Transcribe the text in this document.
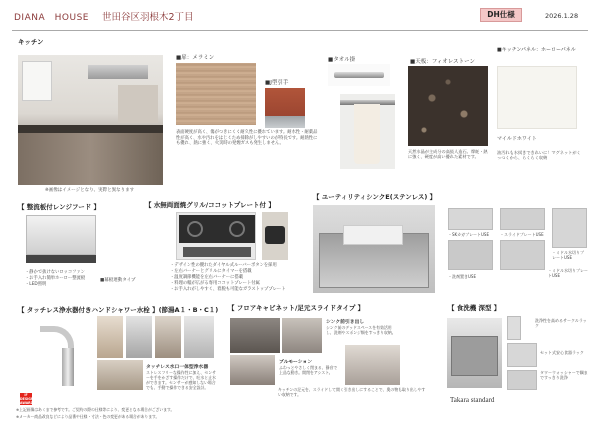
DIANA　HOUSE 世田谷区羽根木2丁目	DH仕様	2026.1.28
キッチン
※画像はイメージとなり、実際と異なります
■扉：メラミン
表面硬度が高く、傷がつきにくく耐久性に優れています。耐水性・耐薬品性が高く、水や汚れをはじくため掃除がしやすいのが特長です。耐熱性にも優れ、熱に強く、火災時の発煙ガスも発生しません。
■J型引手
■タオル掛	■天板：フィオレストーン
天然水晶が主成分の高級人造石。摩耗・熱に強く、硬度が高い優れた素材です。
■キッチンパネル：ホーローパネル
マイルドホワイト
油汚れも水拭きできれいに！マグネットがくっつくから、らくらく収納
【 整流板付レンジフード 】
・静かで抜けないロッコファン
・お手入れ簡単ホーロー整流板
・LED照明
■幕板連動タイプ
【 水無両面焼グリル/ココットプレート付 】
・デザイン性の優れたダイヤル式ルーバーボタンを採用
・左右バーナーとグリルにタイマーを搭載
・温度調節機能を左右バーナーに搭載
・料理の幅が広がる専用ココットプレート付属
・お手入れがしやすく、着脱も可能なガラストッププレート
【 ユーティリティシンクE(ステンレス) 】
・SKカガプレートUSE	・スライドプレートUSE
・ミドル水切りプレートUSE
・洗剤置きUSE
・ミドル水切りプレートUSE
【 タッチレス浄水器付きハンドシャワー水栓 】(節湯A１・B・C１)
タッチレス水口一体型浄水器
ストレスフリーな操作性に加え、センサーを手をかざす操作だけで、吐水と止水ができます。センサーが感知しない場合でも、手動で操作できる安全設計。
iF DESIGN AWARD
【 フロアキャビネット/足元スライドタイプ 】
シンク前引き出し
シンク前のデッドスペースを有効活用し、洗剤やスポンジ類をすっきり収納。
ブルモーション
ふわっとやさしく閉まる、静音で上品な動き。開閉をアシスト。
キッチンの足元を、スライドして開く引き出しにすることで、奥の物も取り出しやすい収納です。
【 食洗機 深型 】
洗浄性を高めるサークルラック
セット式安心食器ラック
タワーウォッシャーで隅まですっきり洗浄
※上記画像はあくまで参考です。ご契約の際の仕様等により、変更となる場合がございます。
※メーカー商品改良などにより品番や仕様・寸法・色の変更がある場合があります。
Takara standard
